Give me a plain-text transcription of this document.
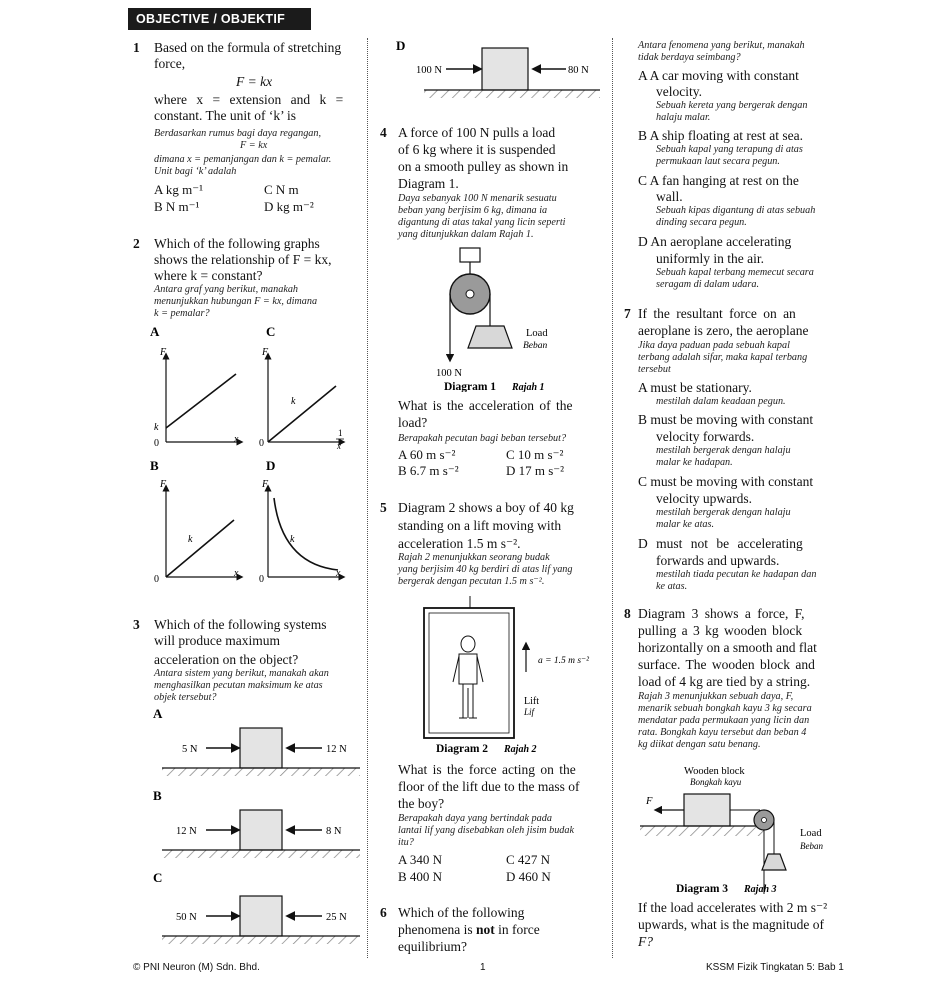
OBJECTIVE / OBJEKTIF
1 Based on the formula of stretching
force,
F = kx
where x = extension and k =
constant. The unit of ‘k’ is
Berdasarkan rumus bagi daya regangan,
F = kx
dimana x = pemanjangan dan k = pemalar.
Unit bagi ‘k’ adalah
A kg m⁻¹	C N m
B N m⁻¹	D kg m⁻²
2 Which of the following graphs
shows the relationship of F = kx,
where k = constant?
Antara graf yang berikut, manakah
menunjukkan hubungan F = kx, dimana
k = pemalar?
A
F
k
0	x
C
F
k
0
1
x
B
F
k
0
x
D
F
k
0
x
3 Which of the following systems
will produce maximum
acceleration on the object?
Antara sistem yang berikut, manakah akan
menghasilkan pecutan maksimum ke atas
objek tersebut?
A
5 N	12 N
B
12 N	8 N
C
50 N	25 N
D
100 N	80 N
4 A force of 100 N pulls a load
of 6 kg where it is suspended
on a smooth pulley as shown in
Diagram 1.
Daya sebanyak 100 N menarik sesuatu
beban yang berjisim 6 kg, dimana ia
digantung di atas takal yang licin seperti
yang ditunjukkan dalam Rajah 1.
Load
Beban
100 N
Diagram 1 Rajah 1
What is the acceleration of the
load?
Berapakah pecutan bagi beban tersebut?
A 60 m s⁻²	C 10 m s⁻²
B 6.7 m s⁻²	D 17 m s⁻²
5 Diagram 2 shows a boy of 40 kg
standing on a lift moving with
acceleration 1.5 m s⁻².
Rajah 2 menunjukkan seorang budak
yang berjisim 40 kg berdiri di atas lif yang
bergerak dengan pecutan 1.5 m s⁻².
a = 1.5 m s⁻²
Lift
Lif
Diagram 2 Rajah 2
What is the force acting on the
floor of the lift due to the mass of
the boy?
Berapakah daya yang bertindak pada
lantai lif yang disebabkan oleh jisim budak
itu?
A 340 N	C 427 N
B 400 N	D 460 N
6 Which of the following
phenomena is not in force
equilibrium?
Antara fenomena yang berikut, manakah
tidak berdaya seimbang?
A A car moving with constant
velocity.
Sebuah kereta yang bergerak dengan
halaju malar.
B A ship floating at rest at sea.
Sebuah kapal yang terapung di atas
permukaan laut secara pegun.
C A fan hanging at rest on the
wall.
Sebuah kipas digantung di atas sebuah
dinding secara pegun.
D An aeroplane accelerating
uniformly in the air.
Sebuah kapal terbang memecut secara
seragam di dalam udara.
7 If the resultant force on an
aeroplane is zero, the aeroplane
Jika daya paduan pada sebuah kapal
terbang adalah sifar, maka kapal terbang
tersebut
A must be stationary.
mestilah dalam keadaan pegun.
B must be moving with constant
velocity forwards.
mestilah bergerak dengan halaju
malar ke hadapan.
C must be moving with constant
velocity upwards.
mestilah bergerak dengan halaju
malar ke atas.
D must not be accelerating
forwards and upwards.
mestilah tiada pecutan ke hadapan dan
ke atas.
8 Diagram 3 shows a force, F,
pulling a 3 kg wooden block
horizontally on a smooth and flat
surface. The wooden block and
load of 4 kg are tied by a string.
Rajah 3 menunjukkan sebuah daya, F,
menarik sebuah bongkah kayu 3 kg secara
mendatar pada permukaan yang licin dan
rata. Bongkah kayu tersebut dan beban 4
kg diikat dengan satu benang.
Wooden block
Bongkah kayu
F
Load
Beban
Diagram 3 Rajah 3
If the load accelerates with 2 m s⁻²
upwards, what is the magnitude of
F?
© PNI Neuron (M) Sdn. Bhd.	1	KSSM Fizik Tingkatan 5: Bab 1
